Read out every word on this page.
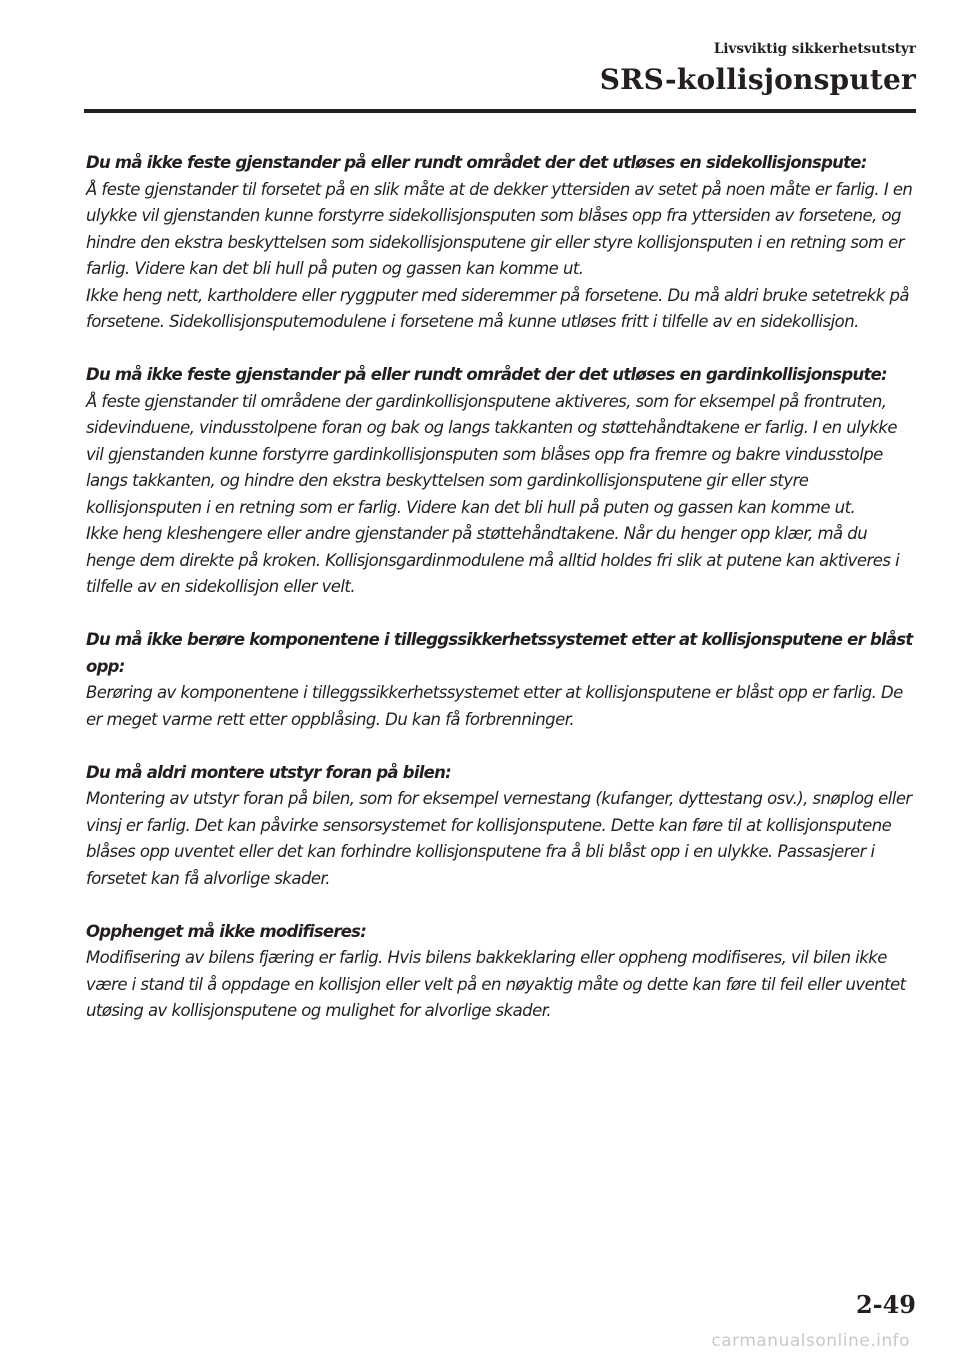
Livsviktig sikkerhetsutstyr
SRS-kollisjonsputer

Du må ikke feste gjenstander på eller rundt området der det utløses en sidekollisjonspute:

Å feste gjenstander til forsetet på en slik måte at de dekker yttersiden av setet på noen måte er farlig. I en ulykke vil gjenstanden kunne forstyrre sidekollisjonsputen som blåses opp fra yttersiden av forsetene, og hindre den ekstra beskyttelsen som sidekollisjonsputene gir eller styre kollisjonsputen i en retning som er farlig. Videre kan det bli hull på puten og gassen kan komme ut.

Ikke heng nett, kartholdere eller ryggputer med sideremmer på forsetene. Du må aldri bruke setetrekk på forsetene. Sidekollisjonsputemodulene i forsetene må kunne utløses fritt i tilfelle av en sidekollisjon.

Du må ikke feste gjenstander på eller rundt området der det utløses en gardinkollisjonspute:

Å feste gjenstander til områdene der gardinkollisjonsputene aktiveres, som for eksempel på frontruten, sidevinduene, vindusstolpene foran og bak og langs takkanten og støttehåndtakene er farlig. I en ulykke vil gjenstanden kunne forstyrre gardinkollisjonsputen som blåses opp fra fremre og bakre vindusstolpe langs takkanten, og hindre den ekstra beskyttelsen som gardinkollisjonsputene gir eller styre kollisjonsputen i en retning som er farlig. Videre kan det bli hull på puten og gassen kan komme ut.

Ikke heng kleshengere eller andre gjenstander på støttehåndtakene. Når du henger opp klær, må du henge dem direkte på kroken. Kollisjonsgardinmodulene må alltid holdes fri slik at putene kan aktiveres i tilfelle av en sidekollisjon eller velt.

Du må ikke berøre komponentene i tilleggssikkerhetssystemet etter at kollisjonsputene er blåst opp:

Berøring av komponentene i tilleggssikkerhetssystemet etter at kollisjonsputene er blåst opp er farlig. De er meget varme rett etter oppblåsing. Du kan få forbrenninger.

Du må aldri montere utstyr foran på bilen:

Montering av utstyr foran på bilen, som for eksempel vernestang (kufanger, dyttestang osv.), snøplog eller vinsj er farlig. Det kan påvirke sensorsystemet for kollisjonsputene. Dette kan føre til at kollisjonsputene blåses opp uventet eller det kan forhindre kollisjonsputene fra å bli blåst opp i en ulykke. Passasjerer i forsetet kan få alvorlige skader.

Opphenget må ikke modifiseres:

Modifisering av bilens fjæring er farlig. Hvis bilens bakkeklaring eller oppheng modifiseres, vil bilen ikke være i stand til å oppdage en kollisjon eller velt på en nøyaktig måte og dette kan føre til feil eller uventet utøsing av kollisjonsputene og mulighet for alvorlige skader.

2-49
carmanualsonline.info
